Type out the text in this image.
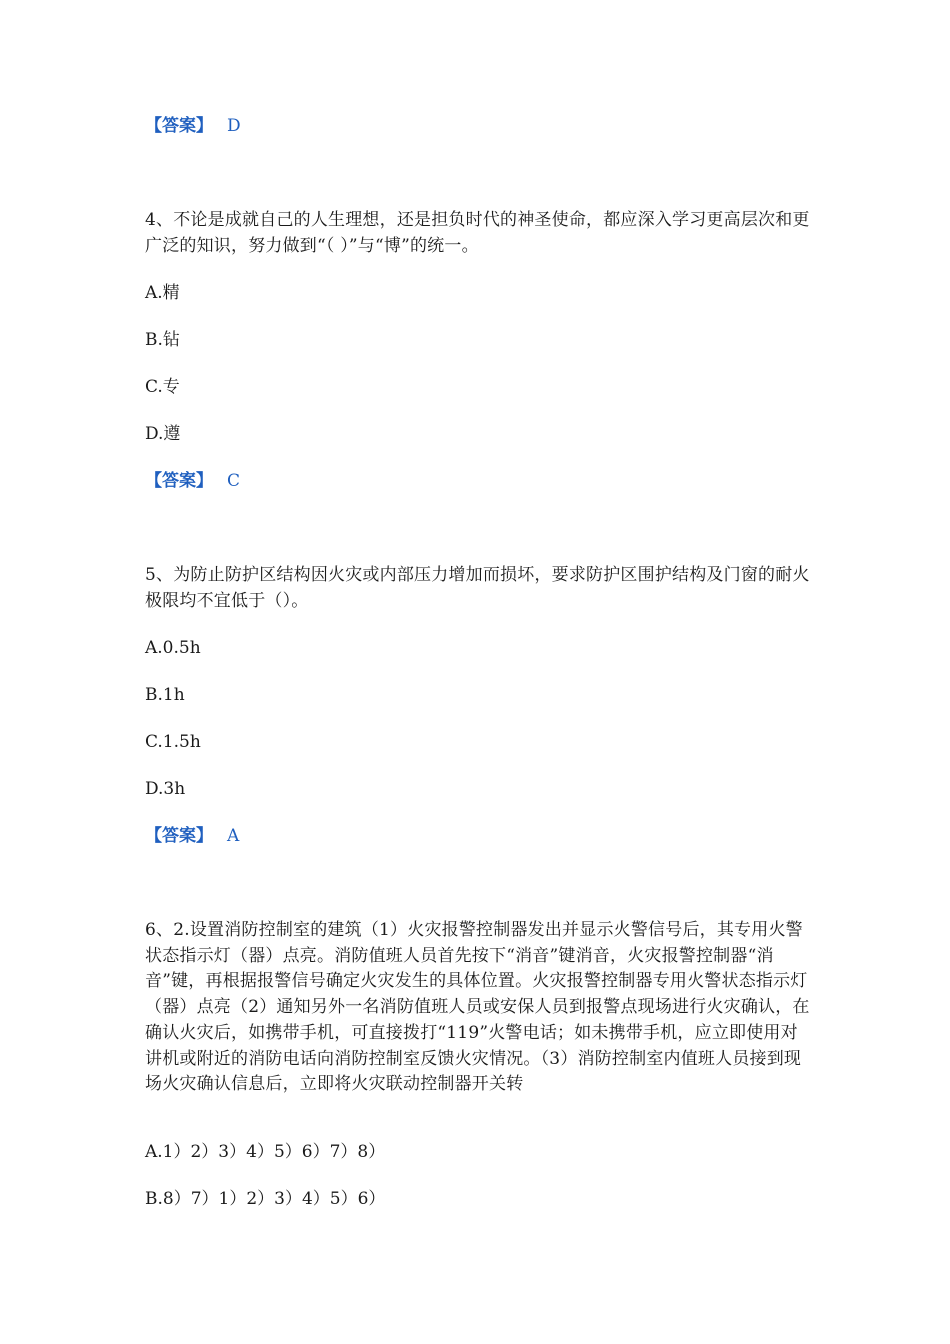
【答案】 D
4、不论是成就自己的人生理想，还是担负时代的神圣使命，都应深入学习更高层次和更广泛的知识，努力做到“（ ）”与“博”的统一。
A.精
B.钻
C.专
D.遵
【答案】 C
5、为防止防护区结构因火灾或内部压力增加而损坏，要求防护区围护结构及门窗的耐火极限均不宜低于（）。
A.0.5h
B.1h
C.1.5h
D.3h
【答案】 A
6、2.设置消防控制室的建筑（1）火灾报警控制器发出并显示火警信号后，其专用火警状态指示灯（器）点亮。消防值班人员首先按下“消音”键消音，火灾报警控制器“消音”键，再根据报警信号确定火灾发生的具体位置。火灾报警控制器专用火警状态指示灯（器）点亮（2）通知另外一名消防值班人员或安保人员到报警点现场进行火灾确认，在确认火灾后，如携带手机，可直接拨打“119”火警电话；如未携带手机，应立即使用对讲机或附近的消防电话向消防控制室反馈火灾情况。（3）消防控制室内值班人员接到现场火灾确认信息后，立即将火灾联动控制器开关转
A.1）2）3）4）5）6）7）8）
B.8）7）1）2）3）4）5）6）
